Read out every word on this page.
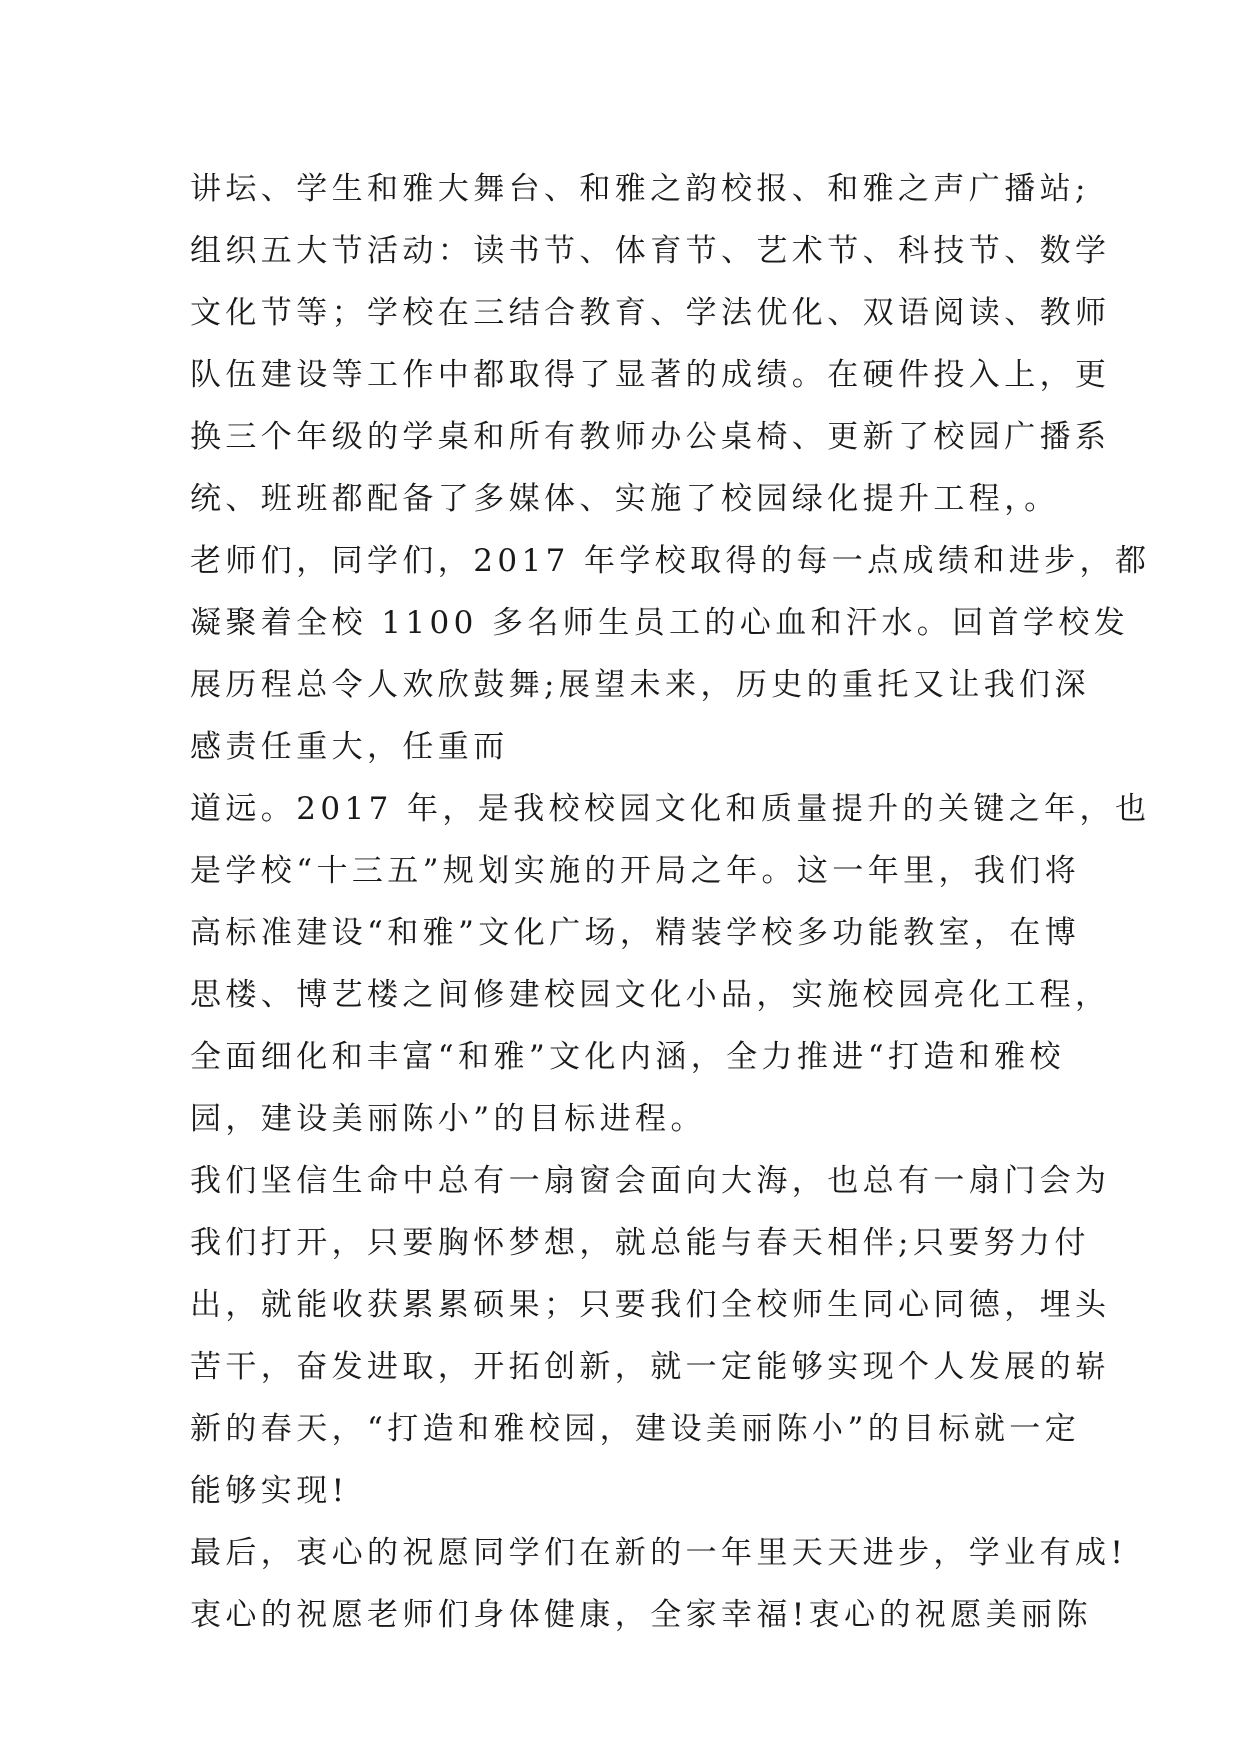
讲坛、学生和雅大舞台、和雅之韵校报、和雅之声广播站;
组织五大节活动：读书节、体育节、艺术节、科技节、数学
文化节等；学校在三结合教育、学法优化、双语阅读、教师
队伍建设等工作中都取得了显著的成绩。在硬件投入上，更
换三个年级的学桌和所有教师办公桌椅、更新了校园广播系
统、班班都配备了多媒体、实施了校园绿化提升工程，。
老师们，同学们，2017 年学校取得的每一点成绩和进步，都
凝聚着全校 1100 多名师生员工的心血和汗水。回首学校发
展历程总令人欢欣鼓舞;展望未来，历史的重托又让我们深
感责任重大，任重而
道远。2017 年，是我校校园文化和质量提升的关键之年，也
是学校“十三五”规划实施的开局之年。这一年里，我们将
高标准建设“和雅”文化广场，精装学校多功能教室，在博
思楼、博艺楼之间修建校园文化小品，实施校园亮化工程，
全面细化和丰富“和雅”文化内涵，全力推进“打造和雅校
园，建设美丽陈小”的目标进程。
我们坚信生命中总有一扇窗会面向大海，也总有一扇门会为
我们打开，只要胸怀梦想，就总能与春天相伴;只要努力付
出，就能收获累累硕果；只要我们全校师生同心同德，埋头
苦干，奋发进取，开拓创新，就一定能够实现个人发展的崭
新的春天，“打造和雅校园，建设美丽陈小”的目标就一定
能够实现!
最后，衷心的祝愿同学们在新的一年里天天进步，学业有成!
衷心的祝愿老师们身体健康，全家幸福!衷心的祝愿美丽陈
